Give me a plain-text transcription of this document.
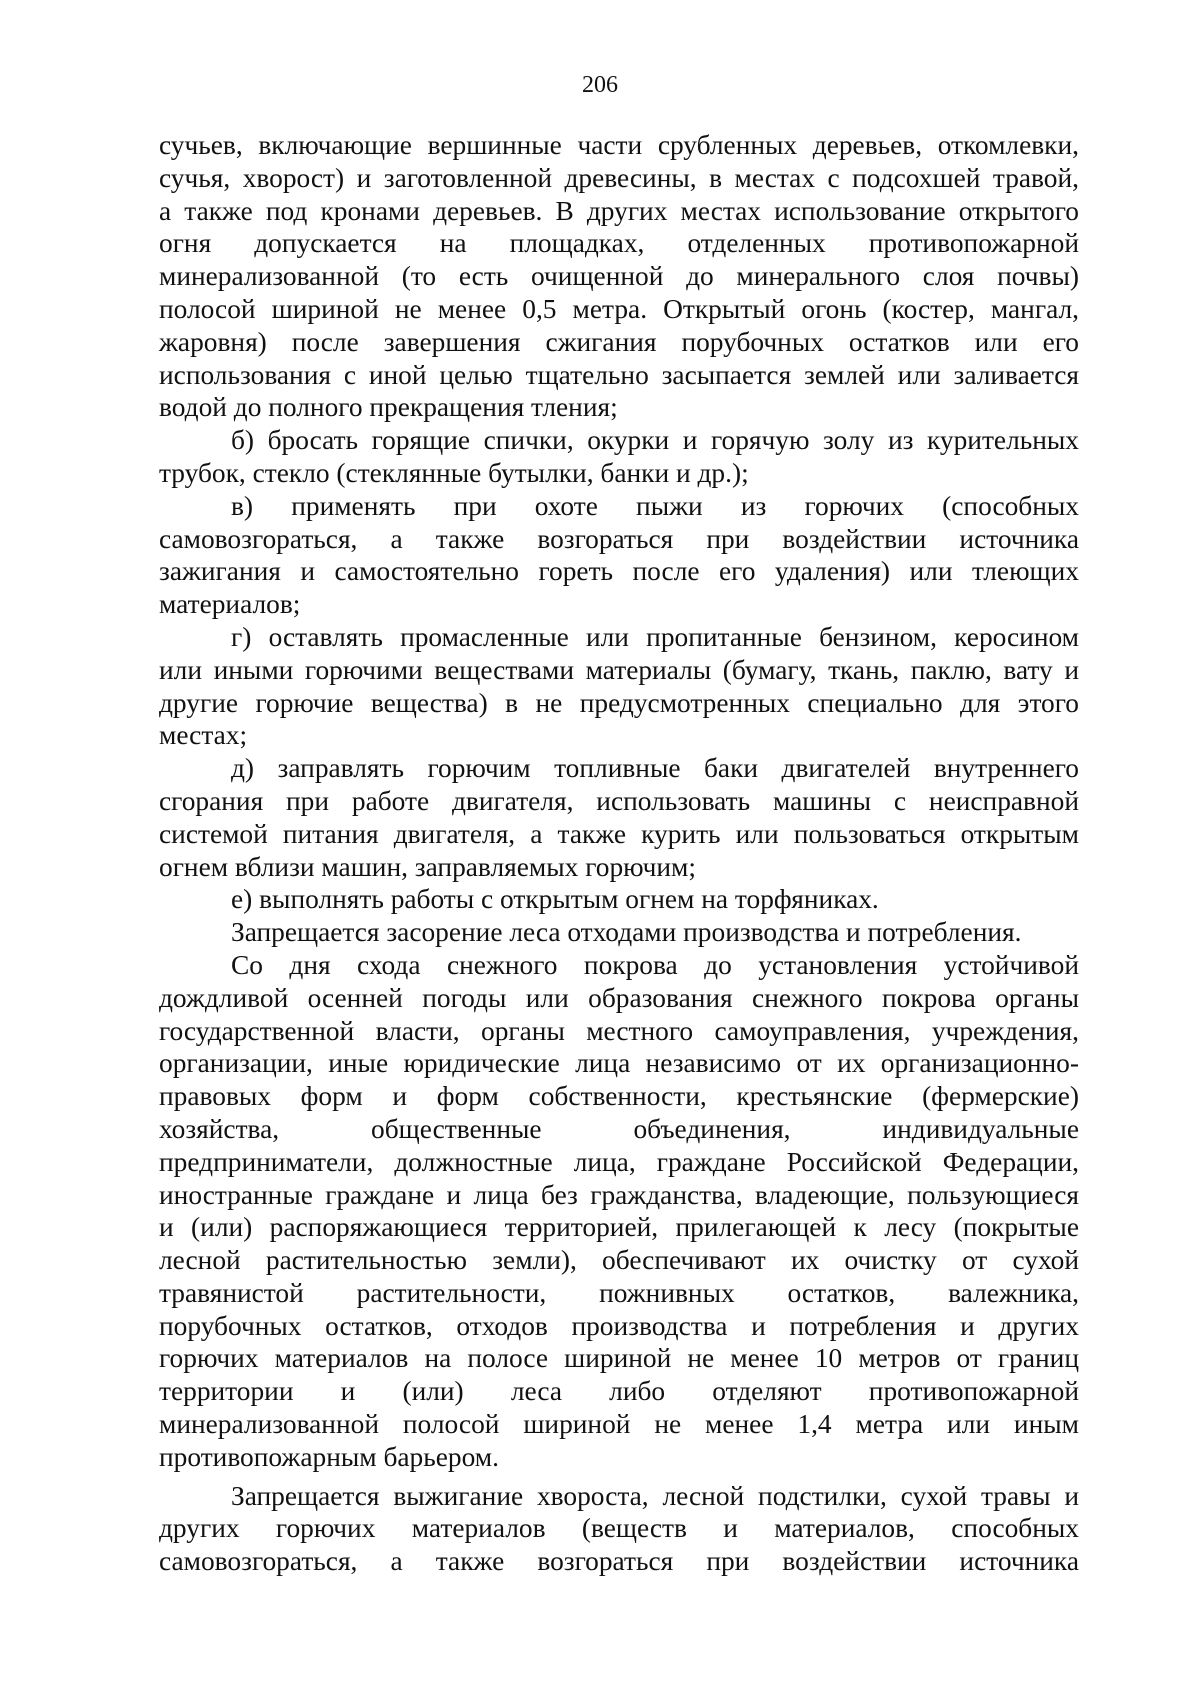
206
сучьев, включающие вершинные части срубленных деревьев, откомлевки,
сучья, хворост) и заготовленной древесины, в местах с подсохшей травой,
а также под кронами деревьев. В других местах использование открытого
огня допускается на площадках, отделенных противопожарной
минерализованной (то есть очищенной до минерального слоя почвы)
полосой шириной не менее 0,5 метра. Открытый огонь (костер, мангал,
жаровня) после завершения сжигания порубочных остатков или его
использования с иной целью тщательно засыпается землей или заливается
водой до полного прекращения тления;
б) бросать горящие спички, окурки и горячую золу из курительных
трубок, стекло (стеклянные бутылки, банки и др.);
в) применять при охоте пыжи из горючих (способных
самовозгораться, а также возгораться при воздействии источника
зажигания и самостоятельно гореть после его удаления) или тлеющих
материалов;
г) оставлять промасленные или пропитанные бензином, керосином
или иными горючими веществами материалы (бумагу, ткань, паклю, вату и
другие горючие вещества) в не предусмотренных специально для этого
местах;
д) заправлять горючим топливные баки двигателей внутреннего
сгорания при работе двигателя, использовать машины с неисправной
системой питания двигателя, а также курить или пользоваться открытым
огнем вблизи машин, заправляемых горючим;
е) выполнять работы с открытым огнем на торфяниках.
Запрещается засорение леса отходами производства и потребления.
Со дня схода снежного покрова до установления устойчивой
дождливой осенней погоды или образования снежного покрова органы
государственной власти, органы местного самоуправления, учреждения,
организации, иные юридические лица независимо от их организационно-
правовых форм и форм собственности, крестьянские (фермерские)
хозяйства, общественные объединения, индивидуальные
предприниматели, должностные лица, граждане Российской Федерации,
иностранные граждане и лица без гражданства, владеющие, пользующиеся
и (или) распоряжающиеся территорией, прилегающей к лесу (покрытые
лесной растительностью земли), обеспечивают их очистку от сухой
травянистой растительности, пожнивных остатков, валежника,
порубочных остатков, отходов производства и потребления и других
горючих материалов на полосе шириной не менее 10 метров от границ
территории и (или) леса либо отделяют противопожарной
минерализованной полосой шириной не менее 1,4 метра или иным
противопожарным барьером.
Запрещается выжигание хвороста, лесной подстилки, сухой травы и
других горючих материалов (веществ и материалов, способных
самовозгораться, а также возгораться при воздействии источника
